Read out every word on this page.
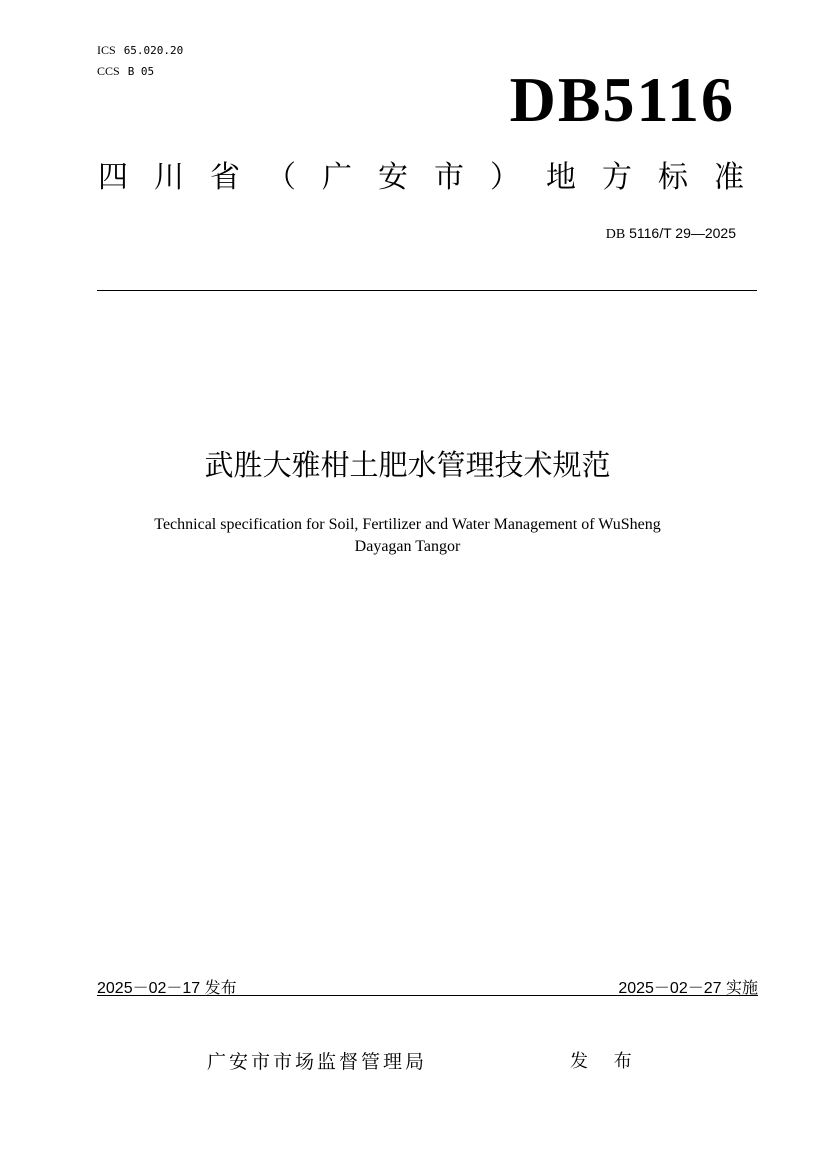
ICS 65.020.20
CCS B 05	DB5116
四 川 省 （ 广 安 市 ） 地 方 标 准
DB 5116/T 29—2025
武胜大雅柑土肥水管理技术规范
Technical specification for Soil, Fertilizer and Water Management of WuSheng
Dayagan Tangor
2025－02－17 发布	2025－02－27 实施
广安市市场监督管理局	发 布
